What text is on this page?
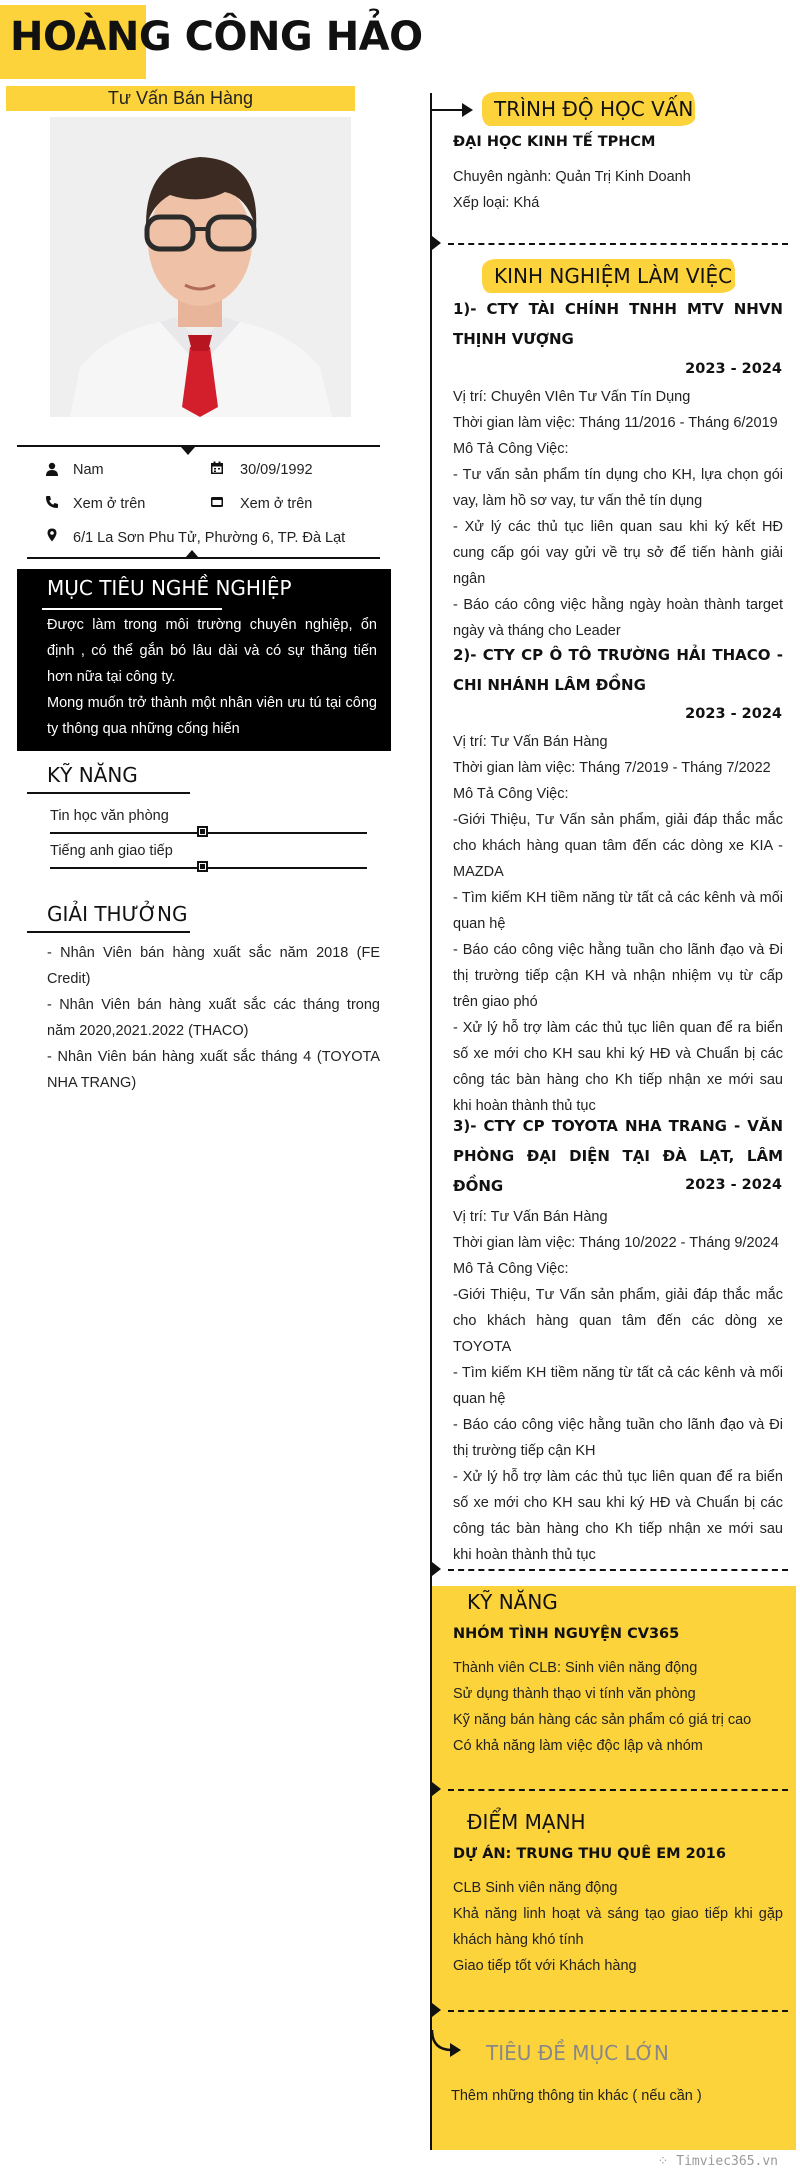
HOÀNG CÔNG HẢO
Tư Vấn Bán Hàng
Nam	30/09/1992
Xem ở trên	Xem ở trên
6/1 La Sơn Phu Tử, Phường 6, TP. Đà Lạt
MỤC TIÊU NGHỀ NGHIỆP

Được làm trong môi trường chuyên nghiệp, ổn định , có thể gắn bó lâu dài và có sự thăng tiến hơn nữa tại công ty.

Mong muốn trở thành một nhân viên ưu tú tại công ty thông qua những cống hiến

KỸ NĂNG
Tin học văn phòng
Tiếng anh giao tiếp
GIẢI THƯỞNG

- Nhân Viên bán hàng xuất sắc năm 2018 (FE Credit)

- Nhân Viên bán hàng xuất sắc các tháng trong năm 2020,2021.2022 (THACO)

- Nhân Viên bán hàng xuất sắc tháng 4 (TOYOTA NHA TRANG)

TRÌNH ĐỘ HỌC VẤN
ĐẠI HỌC KINH TẾ TPHCM

Chuyên ngành: Quản Trị Kinh Doanh

Xếp loại: Khá

KINH NGHIỆM LÀM VIỆC
1)- CTY TÀI CHÍNH TNHH MTV NHVN THỊNH VƯỢNG
2023 - 2024

Vị trí: Chuyên VIên Tư Vấn Tín Dụng

Thời gian làm việc: Tháng 11/2016 - Tháng 6/2019

Mô Tả Công Việc:

- Tư vấn sản phẩm tín dụng cho KH, lựa chọn gói vay, làm hồ sơ vay, tư vấn thẻ tín dụng

- Xử lý các thủ tục liên quan sau khi ký kết HĐ cung cấp gói vay gửi về trụ sở để tiến hành giải ngân

- Báo cáo công việc hằng ngày hoàn thành target ngày và tháng cho Leader

2)- CTY CP Ô TÔ TRƯỜNG HẢI THACO - CHI NHÁNH LÂM ĐỒNG
2023 - 2024

Vị trí: Tư Vấn Bán Hàng

Thời gian làm việc: Tháng 7/2019 - Tháng 7/2022

Mô Tả Công Việc:

-Giới Thiệu, Tư Vấn sản phẩm, giải đáp thắc mắc cho khách hàng quan tâm đến các dòng xe KIA - MAZDA

- Tìm kiếm KH tiềm năng từ tất cả các kênh và mối quan hệ

- Báo cáo công việc hằng tuần cho lãnh đạo và Đi thị trường tiếp cận KH và nhận nhiệm vụ từ cấp trên giao phó

- Xử lý hỗ trợ làm các thủ tục liên quan để ra biển số xe mới cho KH sau khi ký HĐ và Chuẩn bị các công tác bàn hàng cho Kh tiếp nhận xe mới sau khi hoàn thành thủ tục

3)- CTY CP TOYOTA NHA TRANG - VĂN PHÒNG ĐẠI DIỆN TẠI ĐÀ LẠT, LÂM ĐỒNG	2023 - 2024

Vị trí: Tư Vấn Bán Hàng

Thời gian làm việc: Tháng 10/2022 - Tháng 9/2024

Mô Tả Công Việc:

-Giới Thiệu, Tư Vấn sản phẩm, giải đáp thắc mắc cho khách hàng quan tâm đến các dòng xe TOYOTA

- Tìm kiếm KH tiềm năng từ tất cả các kênh và mối quan hệ

- Báo cáo công việc hằng tuần cho lãnh đạo và Đi thị trường tiếp cận KH

- Xử lý hỗ trợ làm các thủ tục liên quan để ra biển số xe mới cho KH sau khi ký HĐ và Chuẩn bị các công tác bàn hàng cho Kh tiếp nhận xe mới sau khi hoàn thành thủ tục

KỸ NĂNG
NHÓM TÌNH NGUYỆN CV365

Thành viên CLB: Sinh viên năng động

Sử dụng thành thạo vi tính văn phòng

Kỹ năng bán hàng các sản phẩm có giá trị cao

Có khả năng làm việc độc lập và nhóm

ĐIỂM MẠNH
DỰ ÁN: TRUNG THU QUÊ EM 2016

CLB Sinh viên năng động

Khả năng linh hoạt và sáng tạo giao tiếp khi gặp khách hàng khó tính

Giao tiếp tốt với Khách hàng

TIÊU ĐỀ MỤC LỚN
Thêm những thông tin khác ( nếu cần )
⁘ Timviec365.vn
